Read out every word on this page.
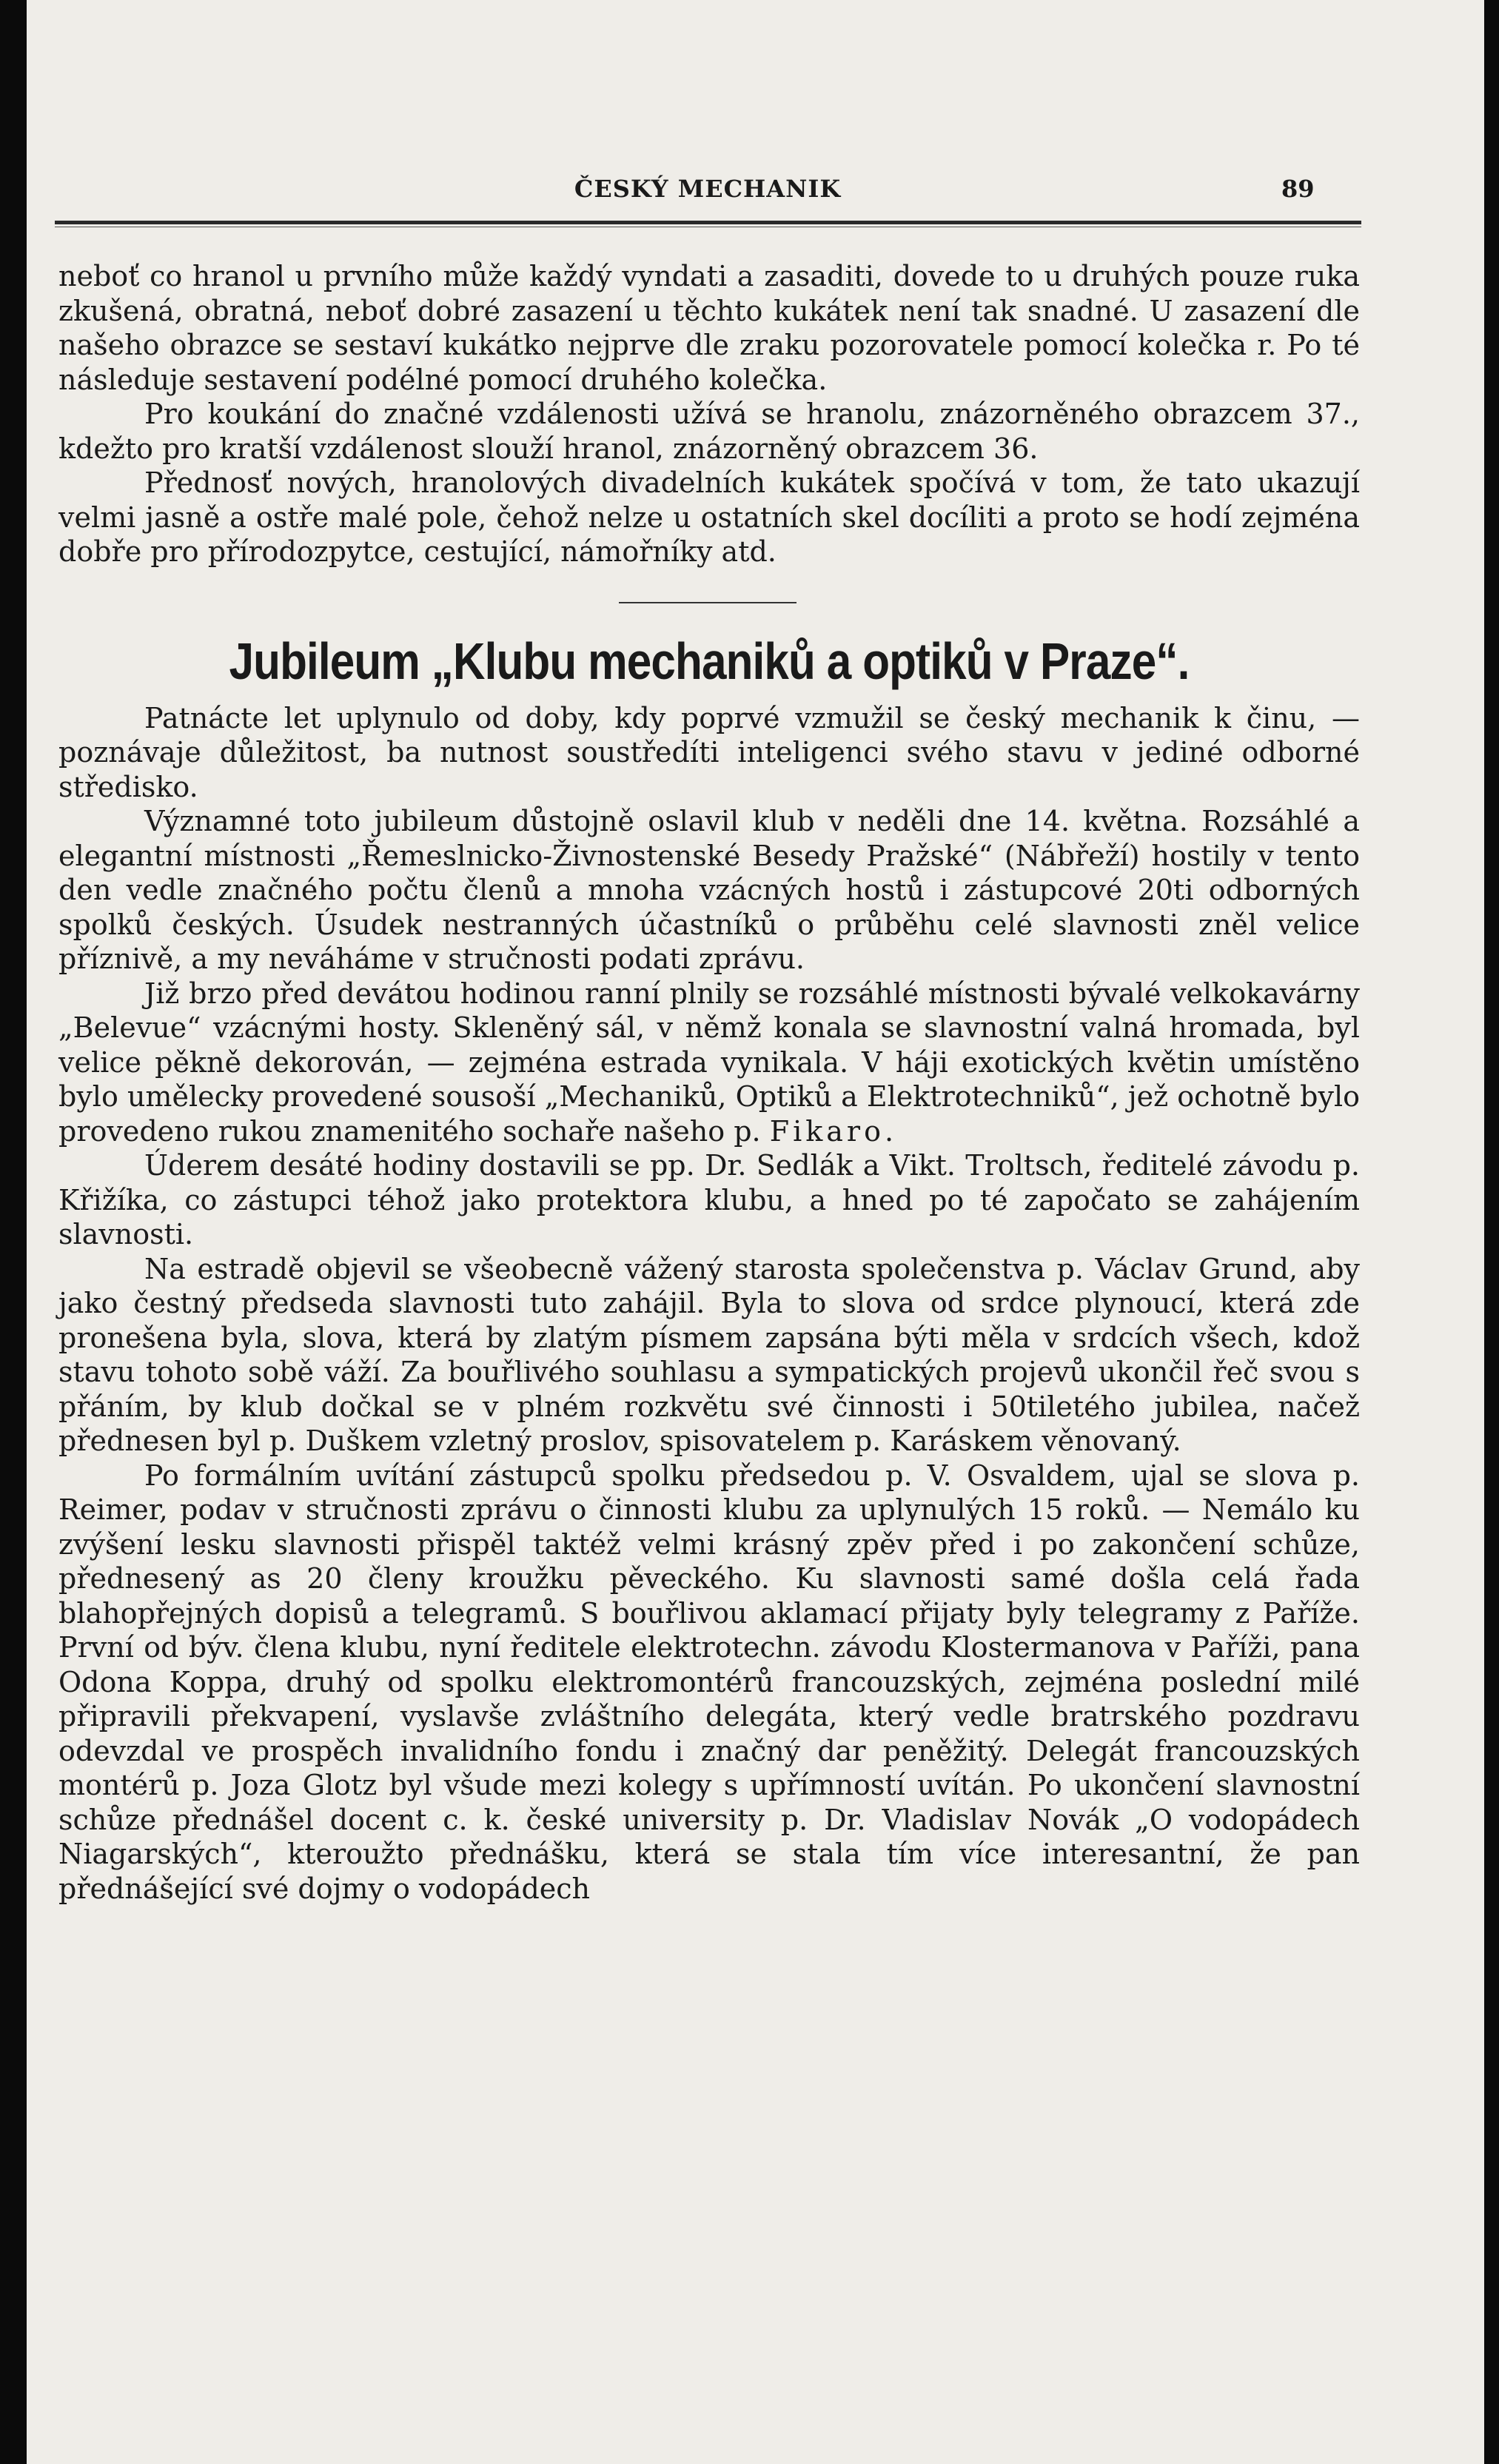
ČESKÝ MECHANIK	89

neboť co hranol u prvního může každý vyndati a zasaditi, dovede to u druhých pouze ruka zkušená, obratná, neboť dobré zasazení u těchto kukátek není tak snadné. U zasazení dle našeho obrazce se sestaví kukátko nejprve dle zraku pozorovatele pomocí kolečka r. Po té následuje sestavení podélné pomocí druhého kolečka.

Pro koukání do značné vzdálenosti užívá se hranolu, znázorněného obrazcem 37., kdežto pro kratší vzdálenost slouží hranol, znázorněný obrazcem 36.

Přednosť nových, hranolových divadelních kukátek spočívá v tom, že tato ukazují velmi jasně a ostře malé pole, čehož nelze u ostatních skel docíliti a proto se hodí zejména dobře pro přírodozpytce, cestující, námořníky atd.

Jubileum „Klubu mechaniků a optiků v Praze“.

Patnácte let uplynulo od doby, kdy poprvé vzmužil se český mechanik k činu, — poznávaje důležitost, ba nutnost soustředíti inteligenci svého stavu v jediné odborné středisko.

Významné toto jubileum důstojně oslavil klub v neděli dne 14. května. Rozsáhlé a elegantní místnosti „Řemeslnicko-Živnostenské Besedy Pražské“ (Nábřeží) hostily v tento den vedle značného počtu členů a mnoha vzácných hostů i zástupcové 20ti odborných spolků českých. Úsudek nestranných účastníků o průběhu celé slavnosti zněl velice příznivě, a my neváháme v stručnosti podati zprávu.

Již brzo před devátou hodinou ranní plnily se rozsáhlé místnosti bývalé velkokavárny „Belevue“ vzácnými hosty. Skleněný sál, v němž konala se slavnostní valná hromada, byl velice pěkně dekorován, — zejména estrada vynikala. V háji exotických květin umístěno bylo umělecky provedené sousoší „Mechaniků, Optiků a Elektrotechniků“, jež ochotně bylo provedeno rukou znamenitého sochaře našeho p. Fikaro.

Úderem desáté hodiny dostavili se pp. Dr. Sedlák a Vikt. Troltsch, ředitelé závodu p. Křižíka, co zástupci téhož jako protektora klubu, a hned po té započato se zahájením slavnosti.

Na estradě objevil se všeobecně vážený starosta společenstva p. Václav Grund, aby jako čestný předseda slavnosti tuto zahájil. Byla to slova od srdce plynoucí, která zde pronešena byla, slova, která by zlatým písmem zapsána býti měla v srdcích všech, kdož stavu tohoto sobě váží. Za bouřlivého souhlasu a sympatických projevů ukončil řeč svou s přáním, by klub dočkal se v plném rozkvětu své činnosti i 50tiletého jubilea, načež přednesen byl p. Duškem vzletný proslov, spisovatelem p. Karáskem věnovaný.

Po formálním uvítání zástupců spolku předsedou p. V. Osvaldem, ujal se slova p. Reimer, podav v stručnosti zprávu o činnosti klubu za uplynulých 15 roků. — Nemálo ku zvýšení lesku slavnosti přispěl taktéž velmi krásný zpěv před i po zakončení schůze, přednesený as 20 členy kroužku pěveckého. Ku slavnosti samé došla celá řada blahopřejných dopisů a telegramů. S bouřlivou aklamací přijaty byly telegramy z Paříže. První od býv. člena klubu, nyní ředitele elektrotechn. závodu Klostermanova v Paříži, pana Odona Koppa, druhý od spolku elektromontérů francouzských, zejména poslední milé připravili překvapení, vyslavše zvláštního delegáta, který vedle bratrského pozdravu odevzdal ve prospěch invalidního fondu i značný dar peněžitý. Delegát francouzských montérů p. Joza Glotz byl všude mezi kolegy s upřímností uvítán. Po ukončení slavnostní schůze přednášel docent c. k. české university p. Dr. Vladislav Novák „O vodopádech Niagarských“, kteroužto přednášku, která se stala tím více interesantní, že pan přednášející své dojmy o vodopádech
